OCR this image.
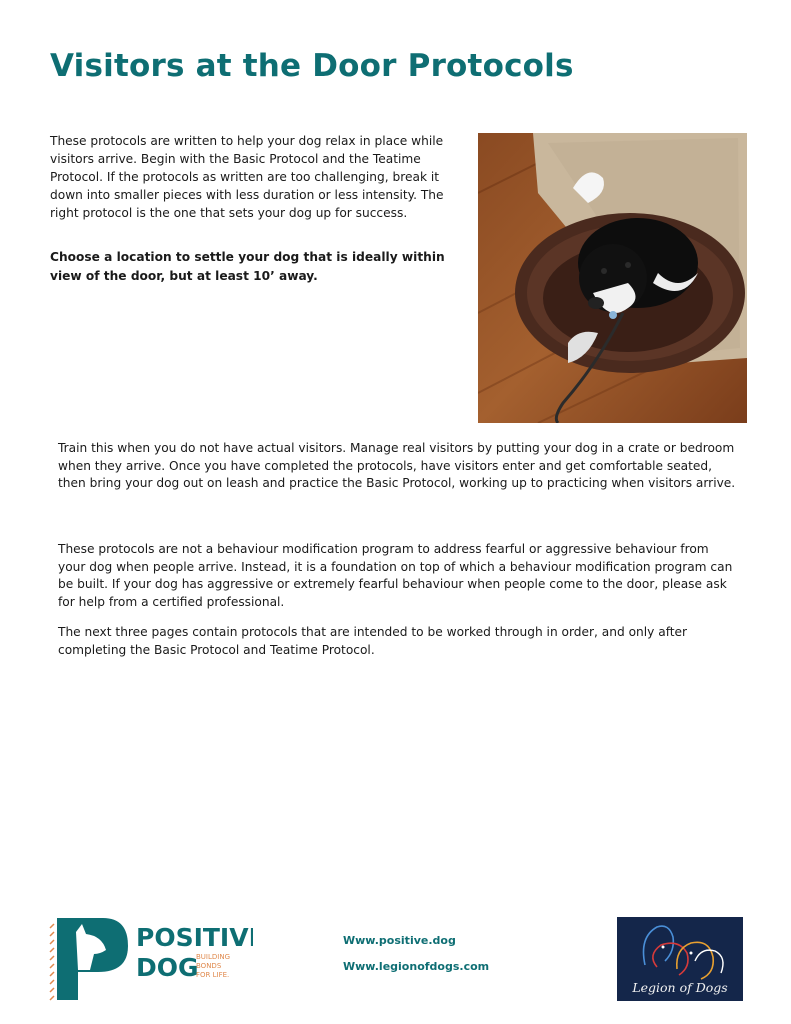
Visitors at the Door Protocols

These protocols are written to help your dog relax in place while visitors arrive. Begin with the Basic Protocol and the Teatime Protocol. If the protocols as written are too challenging, break it down into smaller pieces with less duration or less intensity. The right protocol is the one that sets your dog up for success.

Choose a location to settle your dog that is ideally within view of the door, but at least 10’ away.

Train this when you do not have actual visitors. Manage real visitors by putting your dog in a crate or bedroom when they arrive. Once you have completed the protocols, have visitors enter and get comfortable seated, then bring your dog out on leash and practice the Basic Protocol, working up to practicing when visitors arrive.

These protocols are not a behaviour modification program to address fearful or aggressive behaviour from your dog when people arrive. Instead, it is a foundation on top of which a behaviour modification program can be built. If your dog has aggressive or extremely fearful behaviour when people come to the door, please ask for help from a certified professional.

The next three pages contain protocols that are intended to be worked through in order, and only after completing the Basic Protocol and Teatime Protocol.

POSITIVE
DOG
BUILDING
BONDS
FOR LIFE.
Www.positive.dog
Www.legionofdogs.com
Legion of Dogs
